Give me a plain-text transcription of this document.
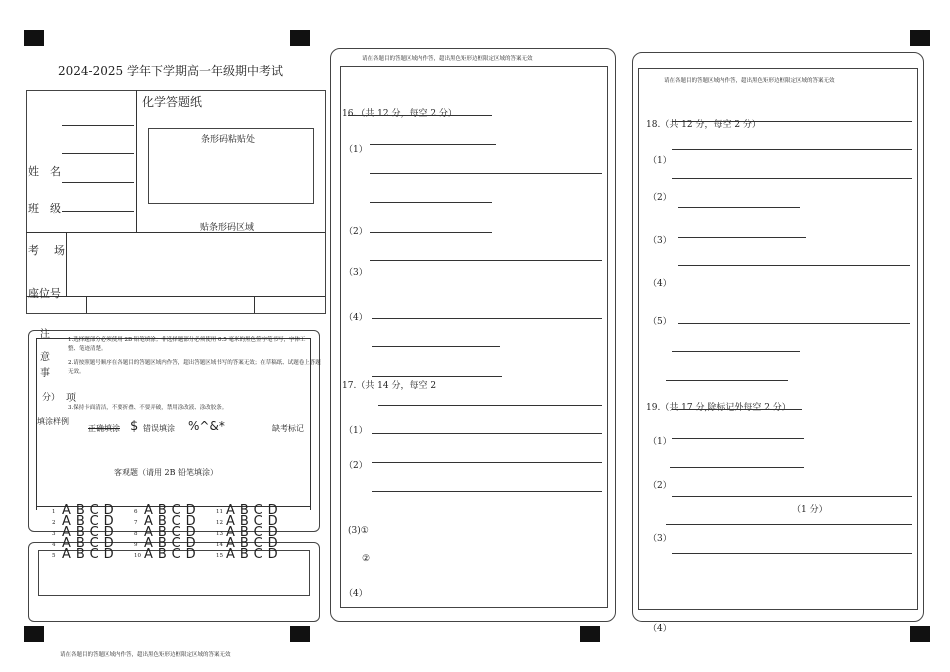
2024-2025 学年下学期高一年级期中考试
化学答题纸
条形码粘贴处
贴条形码区域
姓　名
班　级
考 场
座位号
注
意
事
分） 项
1.选择题部分必须使用 2B 铅笔填涂；非选择题部分必须使用 0.5 毫米的黑色签字笔书写，字体工整、笔迹清楚。
2.请按照题号顺序在各题目的答题区域内作答，超出答题区域书写的答案无效；在草稿纸、试题卷上答题无效。
3.保持卡面清洁，不要折叠、不要弄破，禁用涂改液、涂改胶条。
填涂样例
正确填涂 $ 错误填涂 %^&*	缺考标记
客观题（请用 2B 铅笔填涂）
1 ABCD
2 ABCD
3 ABCD
4 ABCD
5 ABCD
6 ABCD
7 ABCD
8 ABCD
9 ABCD
10 ABCD
11 ABCD
12 ABCD
13 ABCD
14 ABCD
15 ABCD
请在各题目的答题区域内作答，超出黑色矩形边框限定区域的答案无效
16.（共 12 分，每空 2 分）
（1）
（2）
（3）
（4）
17.（共 14 分，每空 2
（1）
（2）
(3)①
②
（4）
请在各题目的答题区域内作答，超出黑色矩形边框限定区域的答案无效
18.（共 12 分，每空 2 分）
（1）
（2）
（3）
（4）
（5）
19.（共 17 分,除标记外每空 2 分）
（1）
（2）
（1 分）
（3）
（4）
请在各题目的答题区域内作答，超出黑色矩形边框限定区域的答案无效
